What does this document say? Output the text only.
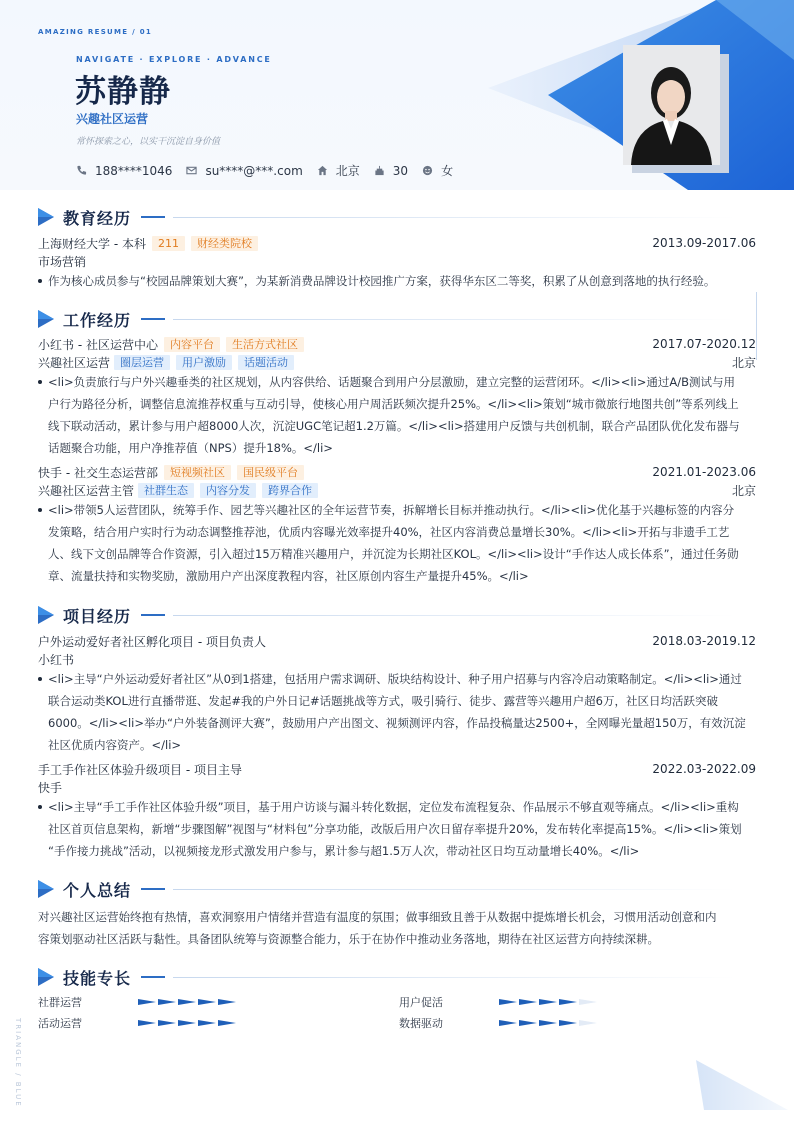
AMAZING RESUME / 01
NAVIGATE · EXPLORE · ADVANCE
苏静静
兴趣社区运营
常怀探索之心，以实干沉淀自身价值
188****1046	su****@***.com	北京	30	女
TRIANGLE / BLUE
教育经历
上海财经大学 - 本科	211	财经类院校	2013.09-2017.06
市场营销
作为核心成员参与“校园品牌策划大赛”，为某新消费品牌设计校园推广方案，获得华东区二等奖，积累了从创意到落地的执行经验。
工作经历
小红书 - 社区运营中心	内容平台	生活方式社区	2017.07-2020.12
兴趣社区运营 圈层运营	用户激励	话题活动	北京
<li>负责旅行与户外兴趣垂类的社区规划，从内容供给、话题聚合到用户分层激励，建立完整的运营闭环。</li><li>通过A/B测试与用
户行为路径分析，调整信息流推荐权重与互动引导，使核心用户周活跃频次提升25%。</li><li>策划“城市微旅行地图共创”等系列线上
线下联动活动，累计参与用户超8000人次，沉淀UGC笔记超1.2万篇。</li><li>搭建用户反馈与共创机制，联合产品团队优化发布器与
话题聚合功能，用户净推荐值（NPS）提升18%。</li>
快手 - 社交生态运营部	短视频社区	国民级平台	2021.01-2023.06
兴趣社区运营主管 社群生态	内容分发	跨界合作	北京
<li>带领5人运营团队，统筹手作、园艺等兴趣社区的全年运营节奏，拆解增长目标并推动执行。</li><li>优化基于兴趣标签的内容分
发策略，结合用户实时行为动态调整推荐池，优质内容曝光效率提升40%，社区内容消费总量增长30%。</li><li>开拓与非遗手工艺
人、线下文创品牌等合作资源，引入超过15万精准兴趣用户，并沉淀为长期社区KOL。</li><li>设计“手作达人成长体系”，通过任务勋
章、流量扶持和实物奖励，激励用户产出深度教程内容，社区原创内容生产量提升45%。</li>
项目经历
户外运动爱好者社区孵化项目 - 项目负责人	2018.03-2019.12
小红书
<li>主导“户外运动爱好者社区”从0到1搭建，包括用户需求调研、版块结构设计、种子用户招募与内容冷启动策略制定。</li><li>通过
联合运动类KOL进行直播带逛、发起#我的户外日记#话题挑战等方式，吸引骑行、徒步、露营等兴趣用户超6万，社区日均活跃突破
6000。</li><li>举办“户外装备测评大赛”，鼓励用户产出图文、视频测评内容，作品投稿量达2500+，全网曝光量超150万，有效沉淀
社区优质内容资产。</li>
手工手作社区体验升级项目 - 项目主导	2022.03-2022.09
快手
<li>主导“手工手作社区体验升级”项目，基于用户访谈与漏斗转化数据，定位发布流程复杂、作品展示不够直观等痛点。</li><li>重构
社区首页信息架构，新增“步骤图解”视图与“材料包”分享功能，改版后用户次日留存率提升20%，发布转化率提高15%。</li><li>策划
“手作接力挑战”活动，以视频接龙形式激发用户参与，累计参与超1.5万人次，带动社区日均互动量增长40%。</li>
个人总结
对兴趣社区运营始终抱有热情，喜欢洞察用户情绪并营造有温度的氛围；做事细致且善于从数据中提炼增长机会，习惯用活动创意和内
容策划驱动社区活跃与黏性。具备团队统筹与资源整合能力，乐于在协作中推动业务落地，期待在社区运营方向持续深耕。
技能专长
社群运营	用户促活
活动运营	数据驱动
